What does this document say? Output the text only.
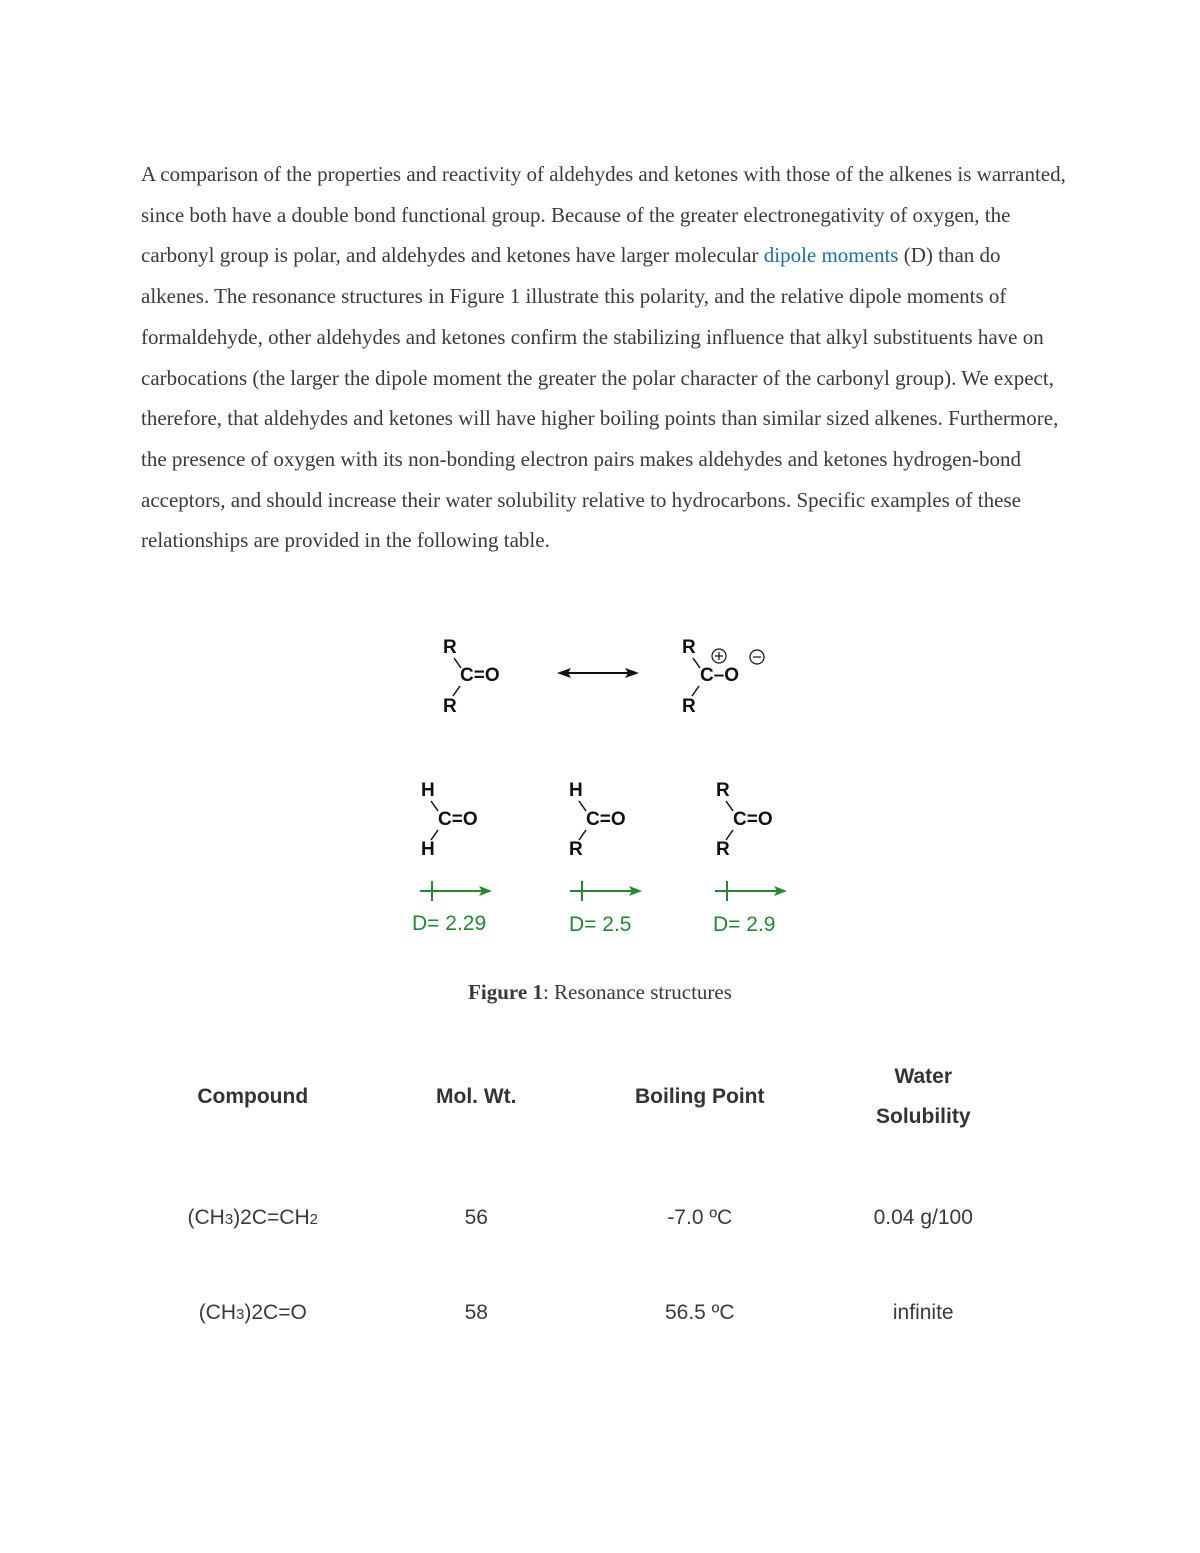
A comparison of the properties and reactivity of aldehydes and ketones with those of the alkenes is warranted, since both have a double bond functional group. Because of the greater electronegativity of oxygen, the carbonyl group is polar, and aldehydes and ketones have larger molecular dipole moments (D) than do alkenes. The resonance structures in Figure 1 illustrate this polarity, and the relative dipole moments of formaldehyde, other aldehydes and ketones confirm the stabilizing influence that alkyl substituents have on carbocations (the larger the dipole moment the greater the polar character of the carbonyl group). We expect, therefore, that aldehydes and ketones will have higher boiling points than similar sized alkenes. Furthermore, the presence of oxygen with its non-bonding electron pairs makes aldehydes and ketones hydrogen-bond acceptors, and should increase their water solubility relative to hydrocarbons. Specific examples of these relationships are provided in the following table.

R
C=O
R
R
C–O
R
H
C=O
H
H
C=O
R
R
C=O
R
D= 2.29	D= 2.5	D= 2.9
Figure 1: Resonance structures
Compound	Mol. Wt.	Boiling Point	Water
Solubility
(CH3)2C=CH2	56	-7.0 ºC	0.04 g/100
(CH3)2C=O	58	56.5 ºC	infinite
